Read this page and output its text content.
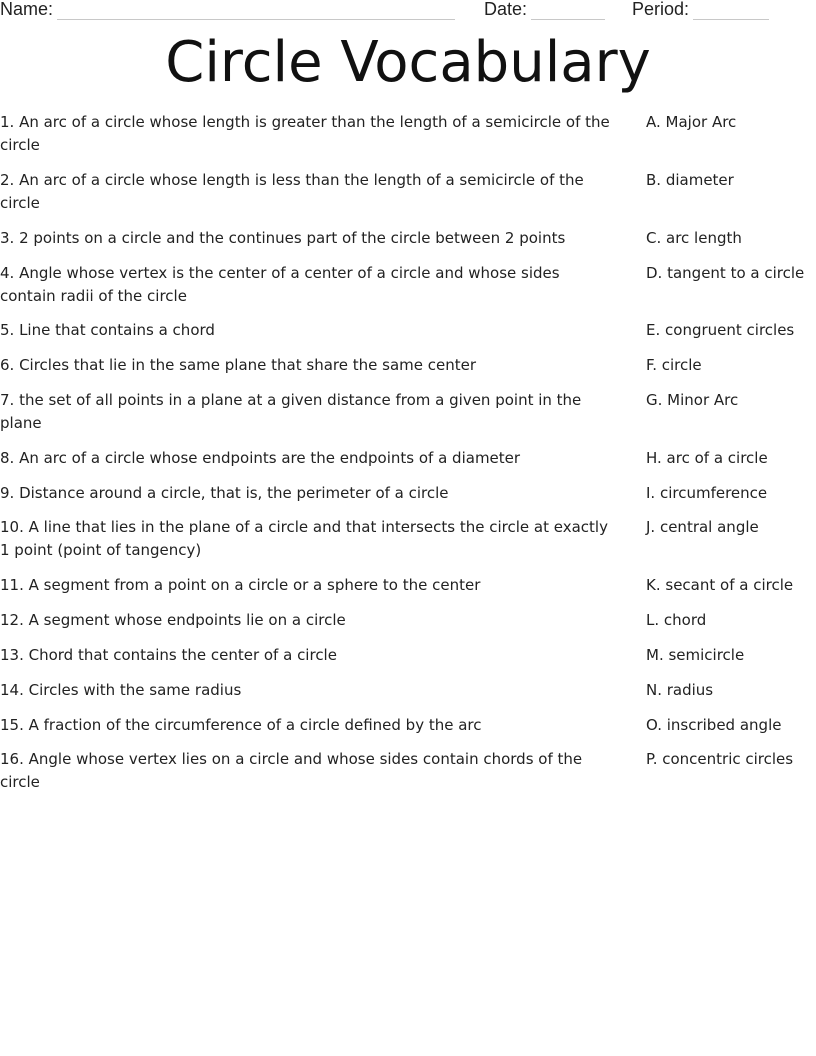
Name:	Date:	Period:
Circle Vocabulary
1. An arc of a circle whose length is greater than the length of a semicircle of the circle
A. Major Arc
2. An arc of a circle whose length is less than the length of a semicircle of the circle
B. diameter
3. 2 points on a circle and the continues part of the circle between 2 points	C. arc length
4. Angle whose vertex is the center of a center of a circle and whose sides contain radii of the circle
D. tangent to a circle
5. Line that contains a chord	E. congruent circles
6. Circles that lie in the same plane that share the same center	F. circle
7. the set of all points in a plane at a given distance from a given point in the plane
G. Minor Arc
8. An arc of a circle whose endpoints are the endpoints of a diameter	H. arc of a circle
9. Distance around a circle, that is, the perimeter of a circle	I. circumference
10. A line that lies in the plane of a circle and that intersects the circle at exactly 1 point (point of tangency)
J. central angle
11. A segment from a point on a circle or a sphere to the center	K. secant of a circle
12. A segment whose endpoints lie on a circle	L. chord
13. Chord that contains the center of a circle	M. semicircle
14. Circles with the same radius	N. radius
15. A fraction of the circumference of a circle defined by the arc	O. inscribed angle
16. Angle whose vertex lies on a circle and whose sides contain chords of the circle
P. concentric circles
